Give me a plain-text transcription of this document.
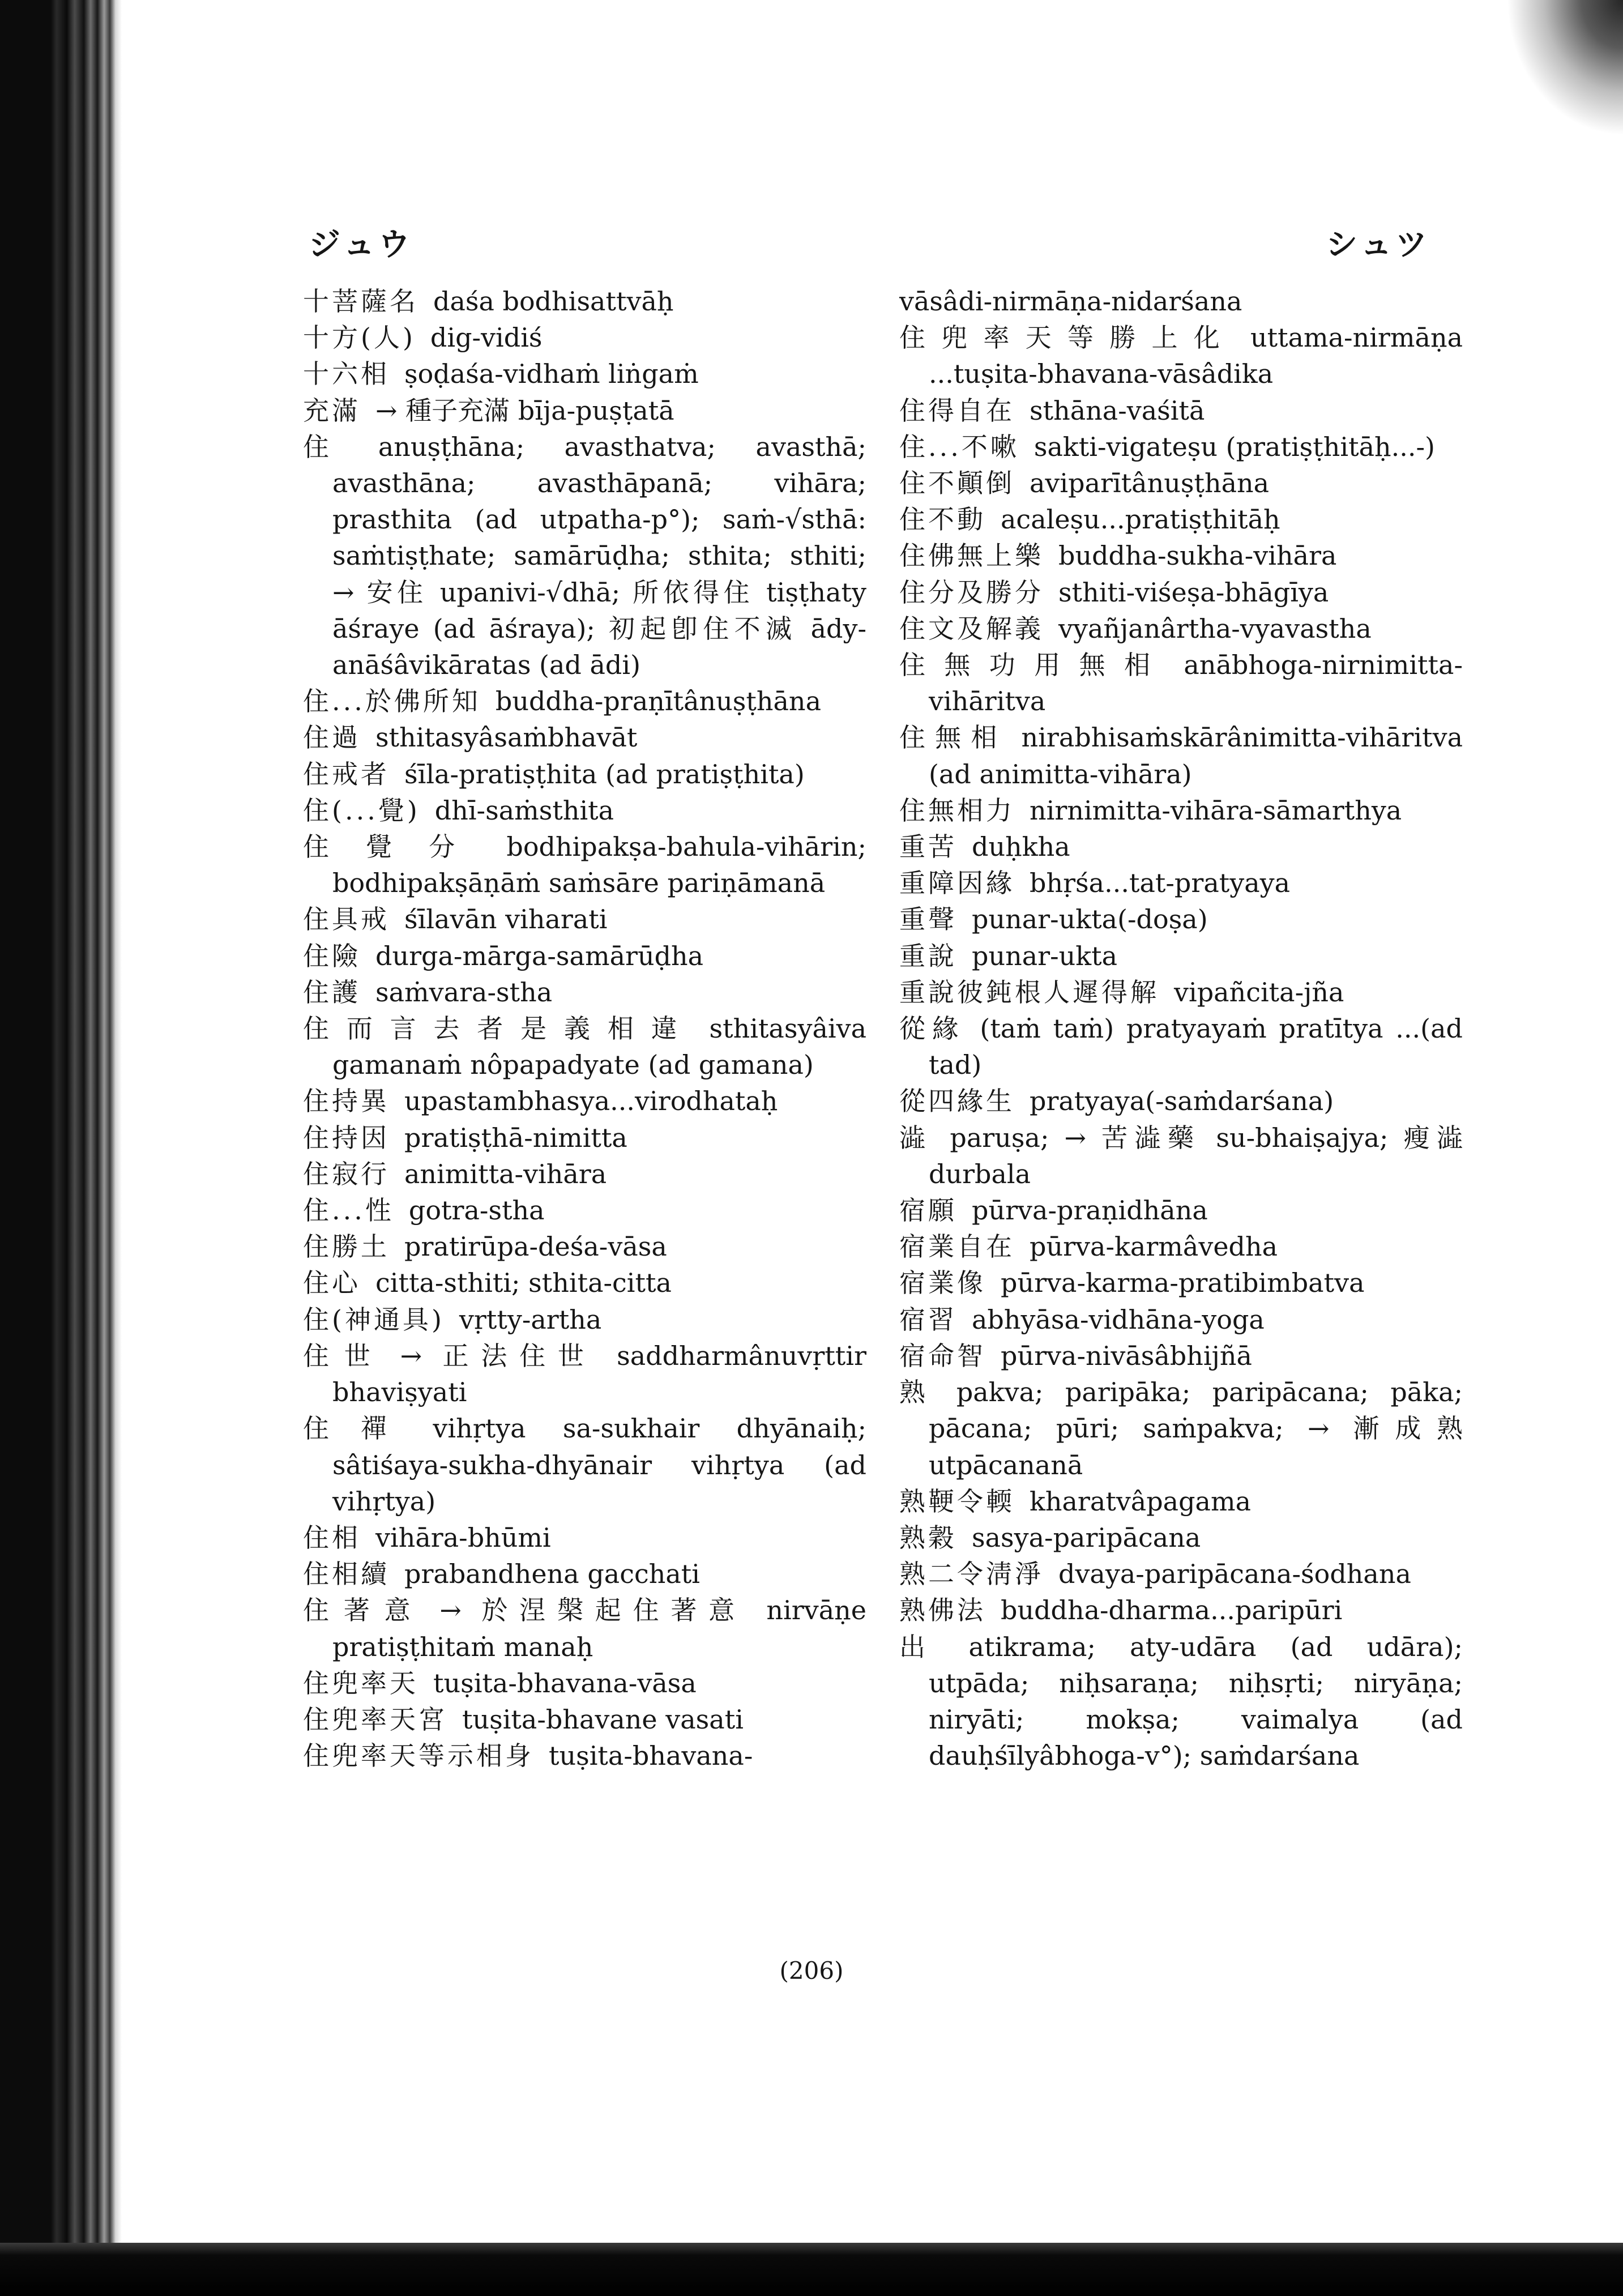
ジュウ	シュツ
十菩薩名 daśa bodhisattvāḥ
十方(人) dig-vidiś
十六相 ṣoḍaśa-vidhaṁ liṅgaṁ
充滿 → 種子充滿 bīja-puṣṭatā
住 anuṣṭhāna; avasthatva; avasthā; avasthāna; avasthāpanā; vihāra; prasthita (ad utpatha-p°); saṁ-√sthā: saṁtiṣṭhate; samārūḍha; sthita; sthiti; → 安住 upanivi-√dhā; 所依得住 tiṣṭhaty āśraye (ad āśraya); 初起卽住不滅 ādy-anāśâvikāratas (ad ādi)
住...於佛所知 buddha-praṇītânuṣṭhāna
住過 sthitasyâsaṁbhavāt
住戒者 śīla-pratiṣṭhita (ad pratiṣṭhita)
住(...覺) dhī-saṁsthita
住覺分 bodhipakṣa-bahula-vihārin; bodhipakṣāṇāṁ saṁsāre pariṇāmanā
住具戒 śīlavān viharati
住險 durga-mārga-samārūḍha
住護 saṁvara-stha
住而言去者是義相違 sthitasyâiva gamanaṁ nôpapadyate (ad gamana)
住持異 upastambhasya...virodhataḥ
住持因 pratiṣṭhā-nimitta
住寂行 animitta-vihāra
住...性 gotra-stha
住勝土 pratirūpa-deśa-vāsa
住心 citta-sthiti; sthita-citta
住(神通具) vṛtty-artha
住世 → 正法住世 saddharmânuvṛttir bhaviṣyati
住禪 vihṛtya sa-sukhair dhyānaiḥ; sâtiśaya-sukha-dhyānair vihṛtya (ad vihṛtya)
住相 vihāra-bhūmi
住相續 prabandhena gacchati
住著意 → 於涅槃起住著意 nirvāṇe pratiṣṭhitaṁ manaḥ
住兜率天 tuṣita-bhavana-vāsa
住兜率天宮 tuṣita-bhavane vasati
住兜率天等示相身 tuṣita-bhavana-
vāsâdi-nirmāṇa-nidarśana
住兜率天等勝上化 uttama-nirmāṇa ...tuṣita-bhavana-vāsâdika
住得自在 sthāna-vaśitā
住...不嗽 sakti-vigateṣu (pratiṣṭhitāḥ...-)
住不顚倒 aviparītânuṣṭhāna
住不動 acaleṣu...pratiṣṭhitāḥ
住佛無上樂 buddha-sukha-vihāra
住分及勝分 sthiti-viśeṣa-bhāgīya
住文及解義 vyañjanârtha-vyavastha
住無功用無相 anābhoga-nirnimitta-vihāritva
住無相 nirabhisaṁskārânimitta-vihāritva (ad animitta-vihāra)
住無相力 nirnimitta-vihāra-sāmarthya
重苦 duḥkha
重障因緣 bhṛśa...tat-pratyaya
重聲 punar-ukta(-doṣa)
重說 punar-ukta
重說彼鈍根人遲得解 vipañcita-jña
從緣 (taṁ taṁ) pratyayaṁ pratītya ...(ad tad)
從四緣生 pratyaya(-saṁdarśana)
澁 paruṣa; → 苦澁藥 su-bhaiṣajya; 瘦澁 durbala
宿願 pūrva-praṇidhāna
宿業自在 pūrva-karmâvedha
宿業像 pūrva-karma-pratibimbatva
宿習 abhyāsa-vidhāna-yoga
宿命智 pūrva-nivāsâbhijñā
熟 pakva; paripāka; paripācana; pāka; pācana; pūri; saṁpakva; → 漸成熟 utpācananā
熟鞕令輭 kharatvâpagama
熟穀 sasya-paripācana
熟二令淸淨 dvaya-paripācana-śodhana
熟佛法 buddha-dharma...paripūri
出 atikrama; aty-udāra (ad udāra); utpāda; niḥsaraṇa; niḥsṛti; niryāṇa; niryāti; mokṣa; vaimalya (ad dauḥśīlyâbhoga-v°); saṁdarśana
(206)
